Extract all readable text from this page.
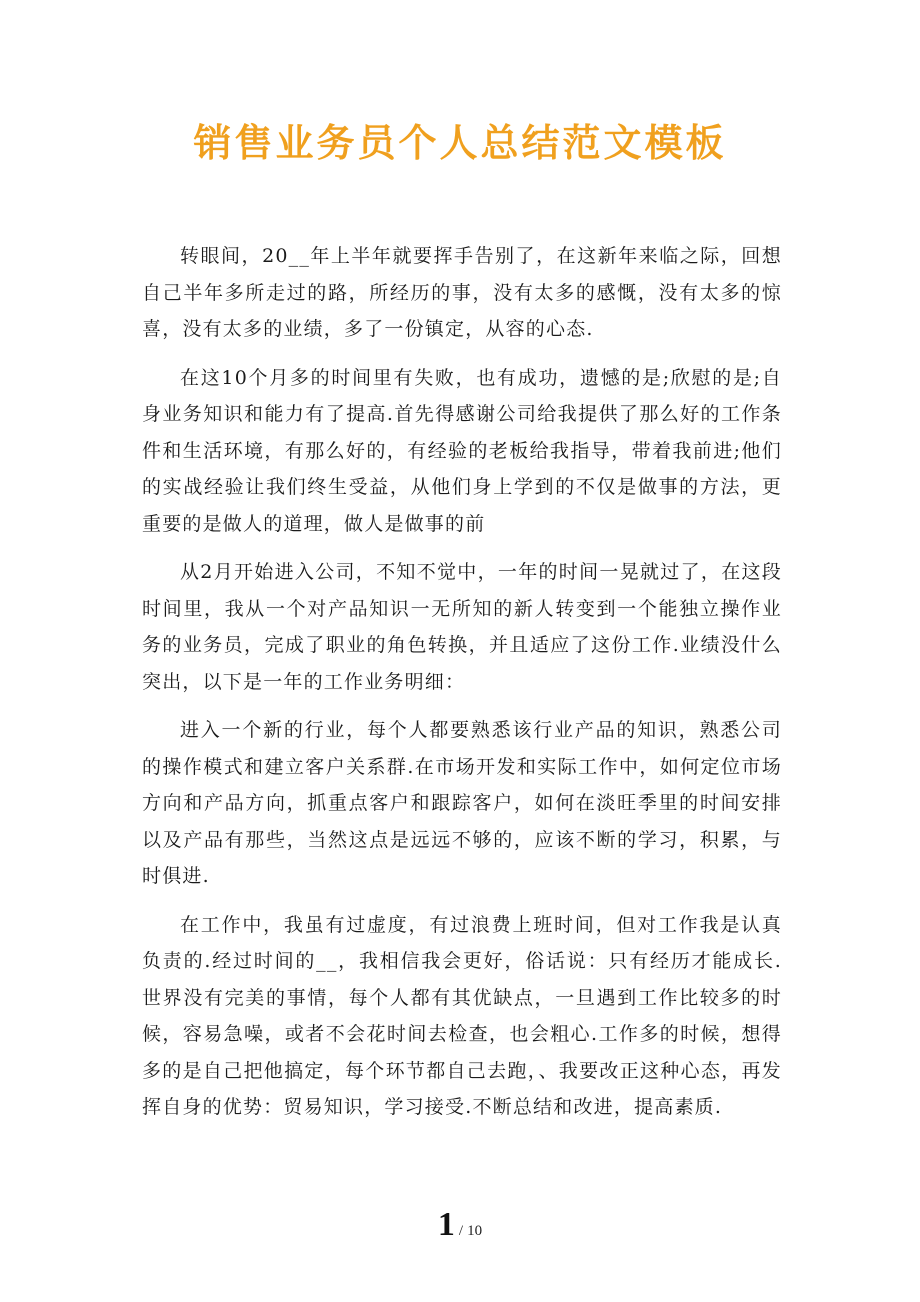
销售业务员个人总结范文模板

转眼间，20__年上半年就要挥手告别了，在这新年来临之际，回想自己半年多所走过的路，所经历的事，没有太多的感慨，没有太多的惊喜，没有太多的业绩，多了一份镇定，从容的心态.

在这10个月多的时间里有失败，也有成功，遗憾的是;欣慰的是;自身业务知识和能力有了提高.首先得感谢公司给我提供了那么好的工作条件和生活环境，有那么好的，有经验的老板给我指导，带着我前进;他们的实战经验让我们终生受益，从他们身上学到的不仅是做事的方法，更重要的是做人的道理，做人是做事的前

从2月开始进入公司，不知不觉中，一年的时间一晃就过了，在这段时间里，我从一个对产品知识一无所知的新人转变到一个能独立操作业务的业务员，完成了职业的角色转换，并且适应了这份工作.业绩没什么突出，以下是一年的工作业务明细：

进入一个新的行业，每个人都要熟悉该行业产品的知识，熟悉公司的操作模式和建立客户关系群.在市场开发和实际工作中，如何定位市场方向和产品方向，抓重点客户和跟踪客户，如何在淡旺季里的时间安排以及产品有那些，当然这点是远远不够的，应该不断的学习，积累，与时俱进.

在工作中，我虽有过虚度，有过浪费上班时间，但对工作我是认真负责的.经过时间的__，我相信我会更好，俗话说：只有经历才能成长.世界没有完美的事情，每个人都有其优缺点，一旦遇到工作比较多的时候，容易急噪，或者不会花时间去检查，也会粗心.工作多的时候，想得多的是自己把他搞定，每个环节都自己去跑，、我要改正这种心态，再发挥自身的优势：贸易知识，学习接受.不断总结和改进，提高素质.

1 / 10
